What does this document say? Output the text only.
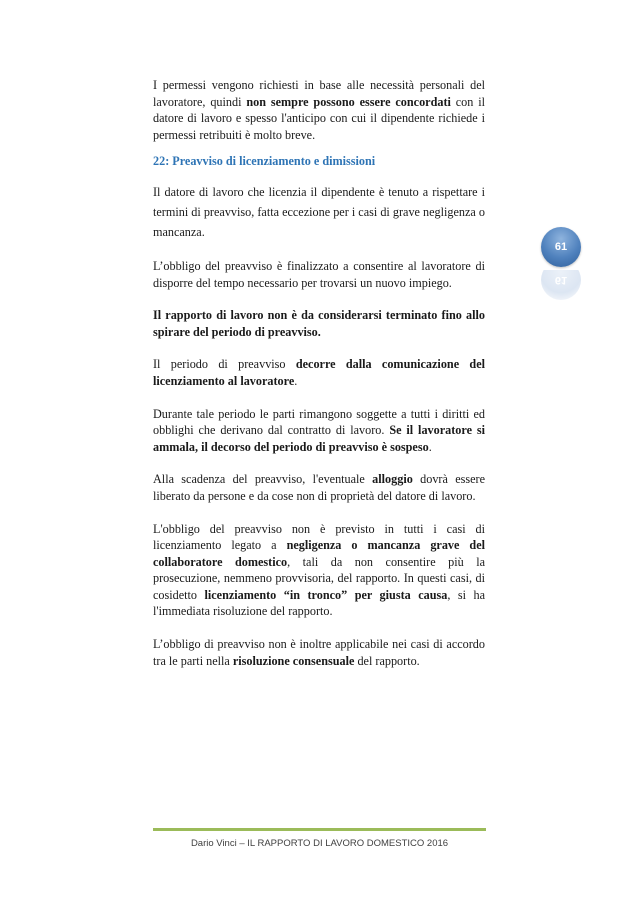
I permessi vengono richiesti in base alle necessità personali del lavoratore, quindi non sempre possono essere concordati con il datore di lavoro e spesso l'anticipo con cui il dipendente richiede i permessi retribuiti è molto breve.

22: Preavviso di licenziamento e dimissioni

Il datore di lavoro che licenzia il dipendente è tenuto a rispettare i termini di preavviso, fatta eccezione per i casi di grave negligenza o mancanza.

L’obbligo del preavviso è finalizzato a consentire al lavoratore di disporre del tempo necessario per trovarsi un nuovo impiego.

Il rapporto di lavoro non è da considerarsi terminato fino allo spirare del periodo di preavviso.

Il periodo di preavviso decorre dalla comunicazione del licenziamento al lavoratore.

Durante tale periodo le parti rimangono soggette a tutti i diritti ed obblighi che derivano dal contratto di lavoro. Se il lavoratore si ammala, il decorso del periodo di preavviso è sospeso.

Alla scadenza del preavviso, l'eventuale alloggio dovrà essere liberato da persone e da cose non di proprietà del datore di lavoro.

L'obbligo del preavviso non è previsto in tutti i casi di licenziamento legato a negligenza o mancanza grave del collaboratore domestico, tali da non consentire più la prosecuzione, nemmeno provvisoria, del rapporto. In questi casi, di cosidetto licenziamento “in tronco” per giusta causa, si ha l'immediata risoluzione del rapporto.

L’obbligo di preavviso non è inoltre applicabile nei casi di accordo tra le parti nella risoluzione consensuale del rapporto.

61
61
Dario Vinci – IL RAPPORTO DI LAVORO DOMESTICO 2016
